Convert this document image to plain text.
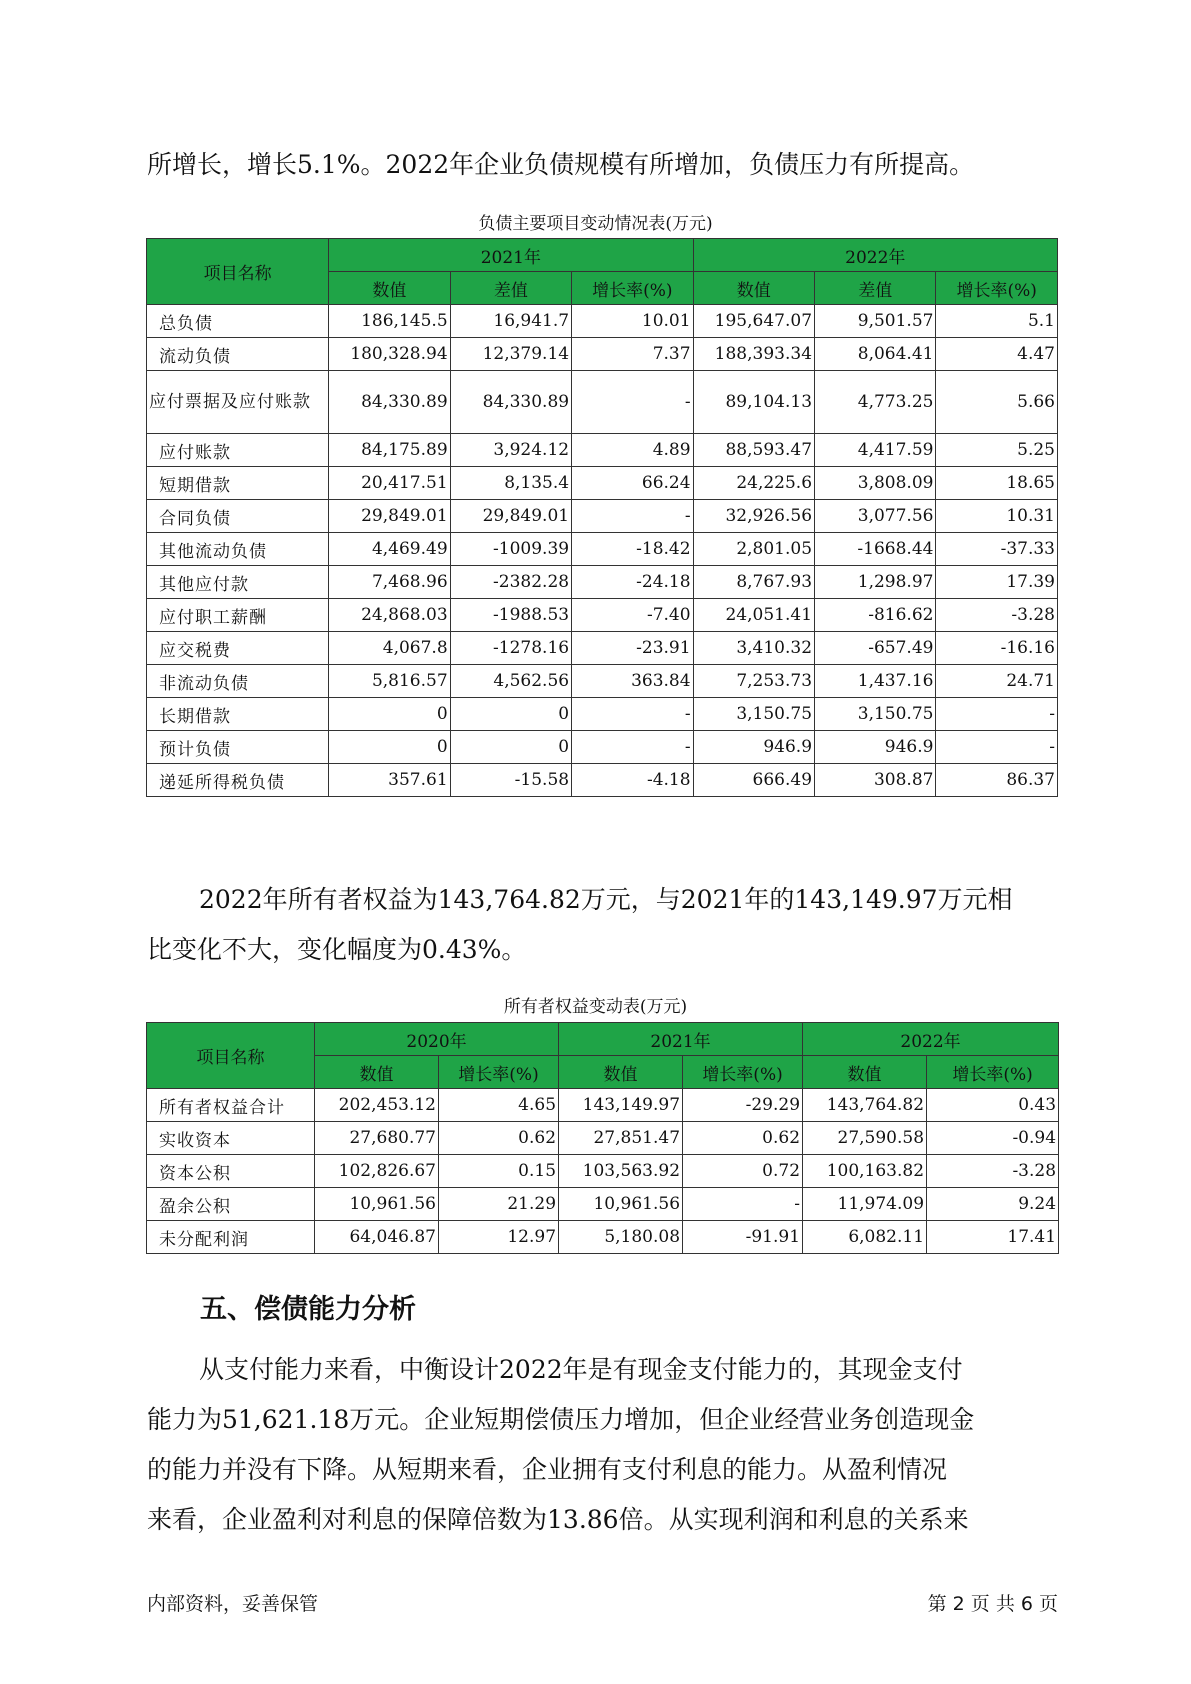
所增长，增长5.1%。2022年企业负债规模有所增加，负债压力有所提高。

负债主要项目变动情况表(万元)
项目名称	2021年			2022年		
	数值	差值	增长率(%)	数值	差值	增长率(%)
总负债	186,145.5	16,941.7	10.01	195,647.07	9,501.57	5.1
流动负债	180,328.94	12,379.14	7.37	188,393.34	8,064.41	4.47
应付票据及应付账款	84,330.89	84,330.89	-	89,104.13	4,773.25	5.66
应付账款	84,175.89	3,924.12	4.89	88,593.47	4,417.59	5.25
短期借款	20,417.51	8,135.4	66.24	24,225.6	3,808.09	18.65
合同负债	29,849.01	29,849.01	-	32,926.56	3,077.56	10.31
其他流动负债	4,469.49	-1009.39	-18.42	2,801.05	-1668.44	-37.33
其他应付款	7,468.96	-2382.28	-24.18	8,767.93	1,298.97	17.39
应付职工薪酬	24,868.03	-1988.53	-7.40	24,051.41	-816.62	-3.28
应交税费	4,067.8	-1278.16	-23.91	3,410.32	-657.49	-16.16
非流动负债	5,816.57	4,562.56	363.84	7,253.73	1,437.16	24.71
长期借款	0	0	-	3,150.75	3,150.75	-
预计负债	0	0	-	946.9	946.9	-
递延所得税负债	357.61	-15.58	-4.18	666.49	308.87	86.37

2022年所有者权益为143,764.82万元，与2021年的143,149.97万元相
比变化不大，变化幅度为0.43%。

所有者权益变动表(万元)
项目名称	2020年		2021年		2022年	
	数值	增长率(%)	数值	增长率(%)	数值	增长率(%)
所有者权益合计	202,453.12	4.65	143,149.97	-29.29	143,764.82	0.43
实收资本	27,680.77	0.62	27,851.47	0.62	27,590.58	-0.94
资本公积	102,826.67	0.15	103,563.92	0.72	100,163.82	-3.28
盈余公积	10,961.56	21.29	10,961.56	-	11,974.09	9.24
未分配利润	64,046.87	12.97	5,180.08	-91.91	6,082.11	17.41
五、偿债能力分析

从支付能力来看，中衡设计2022年是有现金支付能力的，其现金支付
能力为51,621.18万元。企业短期偿债压力增加，但企业经营业务创造现金
的能力并没有下降。从短期来看，企业拥有支付利息的能力。从盈利情况
来看，企业盈利对利息的保障倍数为13.86倍。从实现利润和利息的关系来

内部资料，妥善保管	第 2 页 共 6 页
